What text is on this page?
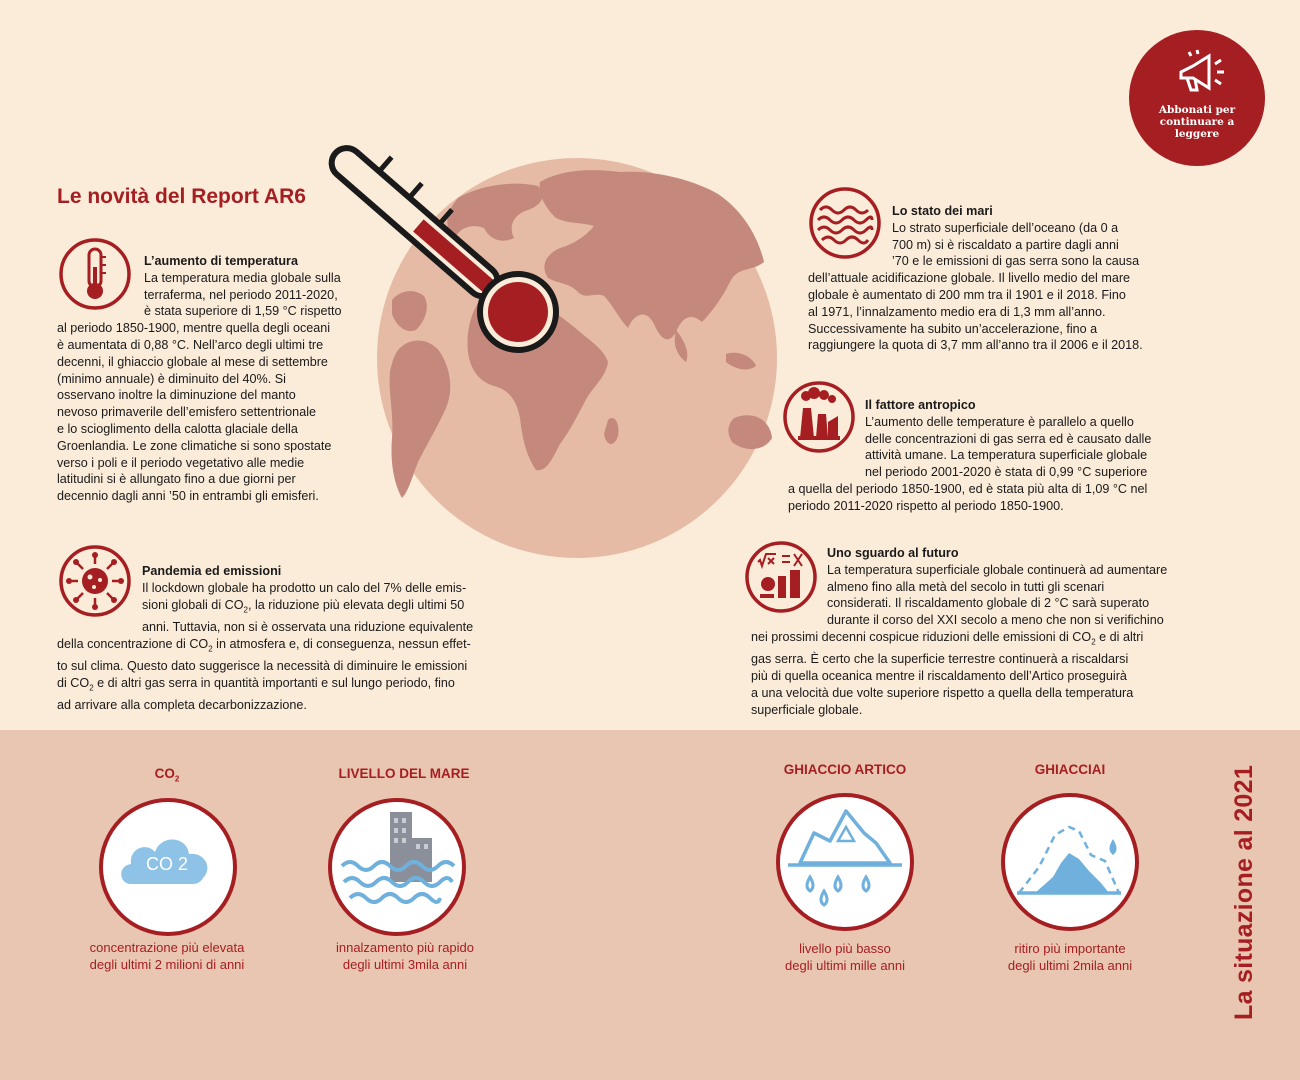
Le novità del Report AR6
Abbonati per continuare a leggere
L’aumento di temperatura
La temperatura media globale sulla
terraferma, nel periodo 2011-2020,
è stata superiore di 1,59 °C rispetto
al periodo 1850-1900, mentre quella degli oceani
è aumentata di 0,88 °C. Nell’arco degli ultimi tre
decenni, il ghiaccio globale al mese di settembre
(minimo annuale) è diminuito del 40%. Si
osservano inoltre la diminuzione del manto
nevoso primaverile dell’emisfero settentrionale
e lo scioglimento della calotta glaciale della
Groenlandia. Le zone climatiche si sono spostate
verso i poli e il periodo vegetativo alle medie
latitudini si è allungato fino a due giorni per
decennio dagli anni ’50 in entrambi gli emisferi.
Pandemia ed emissioni
Il lockdown globale ha prodotto un calo del 7% delle emis-
sioni globali di $CO_2$, la riduzione più elevata degli ultimi 50
anni. Tuttavia, non si è osservata una riduzione equivalente
della concentrazione di $CO_2$ in atmosfera e, di conseguenza, nessun effet-
to sul clima. Questo dato suggerisce la necessità di diminuire le emissioni
di $CO_2$ e di altri gas serra in quantità importanti e sul lungo periodo, fino
ad arrivare alla completa decarbonizzazione.
Lo stato dei mari
Lo strato superficiale dell’oceano (da 0 a
700 m) si è riscaldato a partire dagli anni
’70 e le emissioni di gas serra sono la causa
dell’attuale acidificazione globale. Il livello medio del mare
globale è aumentato di 200 mm tra il 1901 e il 2018. Fino
al 1971, l’innalzamento medio era di 1,3 mm all’anno.
Successivamente ha subito un’accelerazione, fino a
raggiungere la quota di 3,7 mm all’anno tra il 2006 e il 2018.
Il fattore antropico
L’aumento delle temperature è parallelo a quello
delle concentrazioni di gas serra ed è causato dalle
attività umane. La temperatura superficiale globale
nel periodo 2001-2020 è stata di 0,99 °C superiore
a quella del periodo 1850-1900, ed è stata più alta di 1,09 °C nel
periodo 2011-2020 rispetto al periodo 1850-1900.
Uno sguardo al futuro
La temperatura superficiale globale continuerà ad aumentare
almeno fino alla metà del secolo in tutti gli scenari
considerati. Il riscaldamento globale di 2 °C sarà superato
durante il corso del XXI secolo a meno che non si verifichino
nei prossimi decenni cospicue riduzioni delle emissioni di $CO_2$ e di altri
gas serra. È certo che la superficie terrestre continuerà a riscaldarsi
più di quella oceanica mentre il riscaldamento dell’Artico proseguirà
a una velocità due volte superiore rispetto a quella della temperatura
superficiale globale.
$CO_2$
CO 2
concentrazione più elevata
degli ultimi 2 milioni di anni
LIVELLO DEL MARE
innalzamento più rapido
degli ultimi 3mila anni
GHIACCIO ARTICO
livello più basso
degli ultimi mille anni
GHIACCIAI
ritiro più importante
degli ultimi 2mila anni	La situazione al 2021
